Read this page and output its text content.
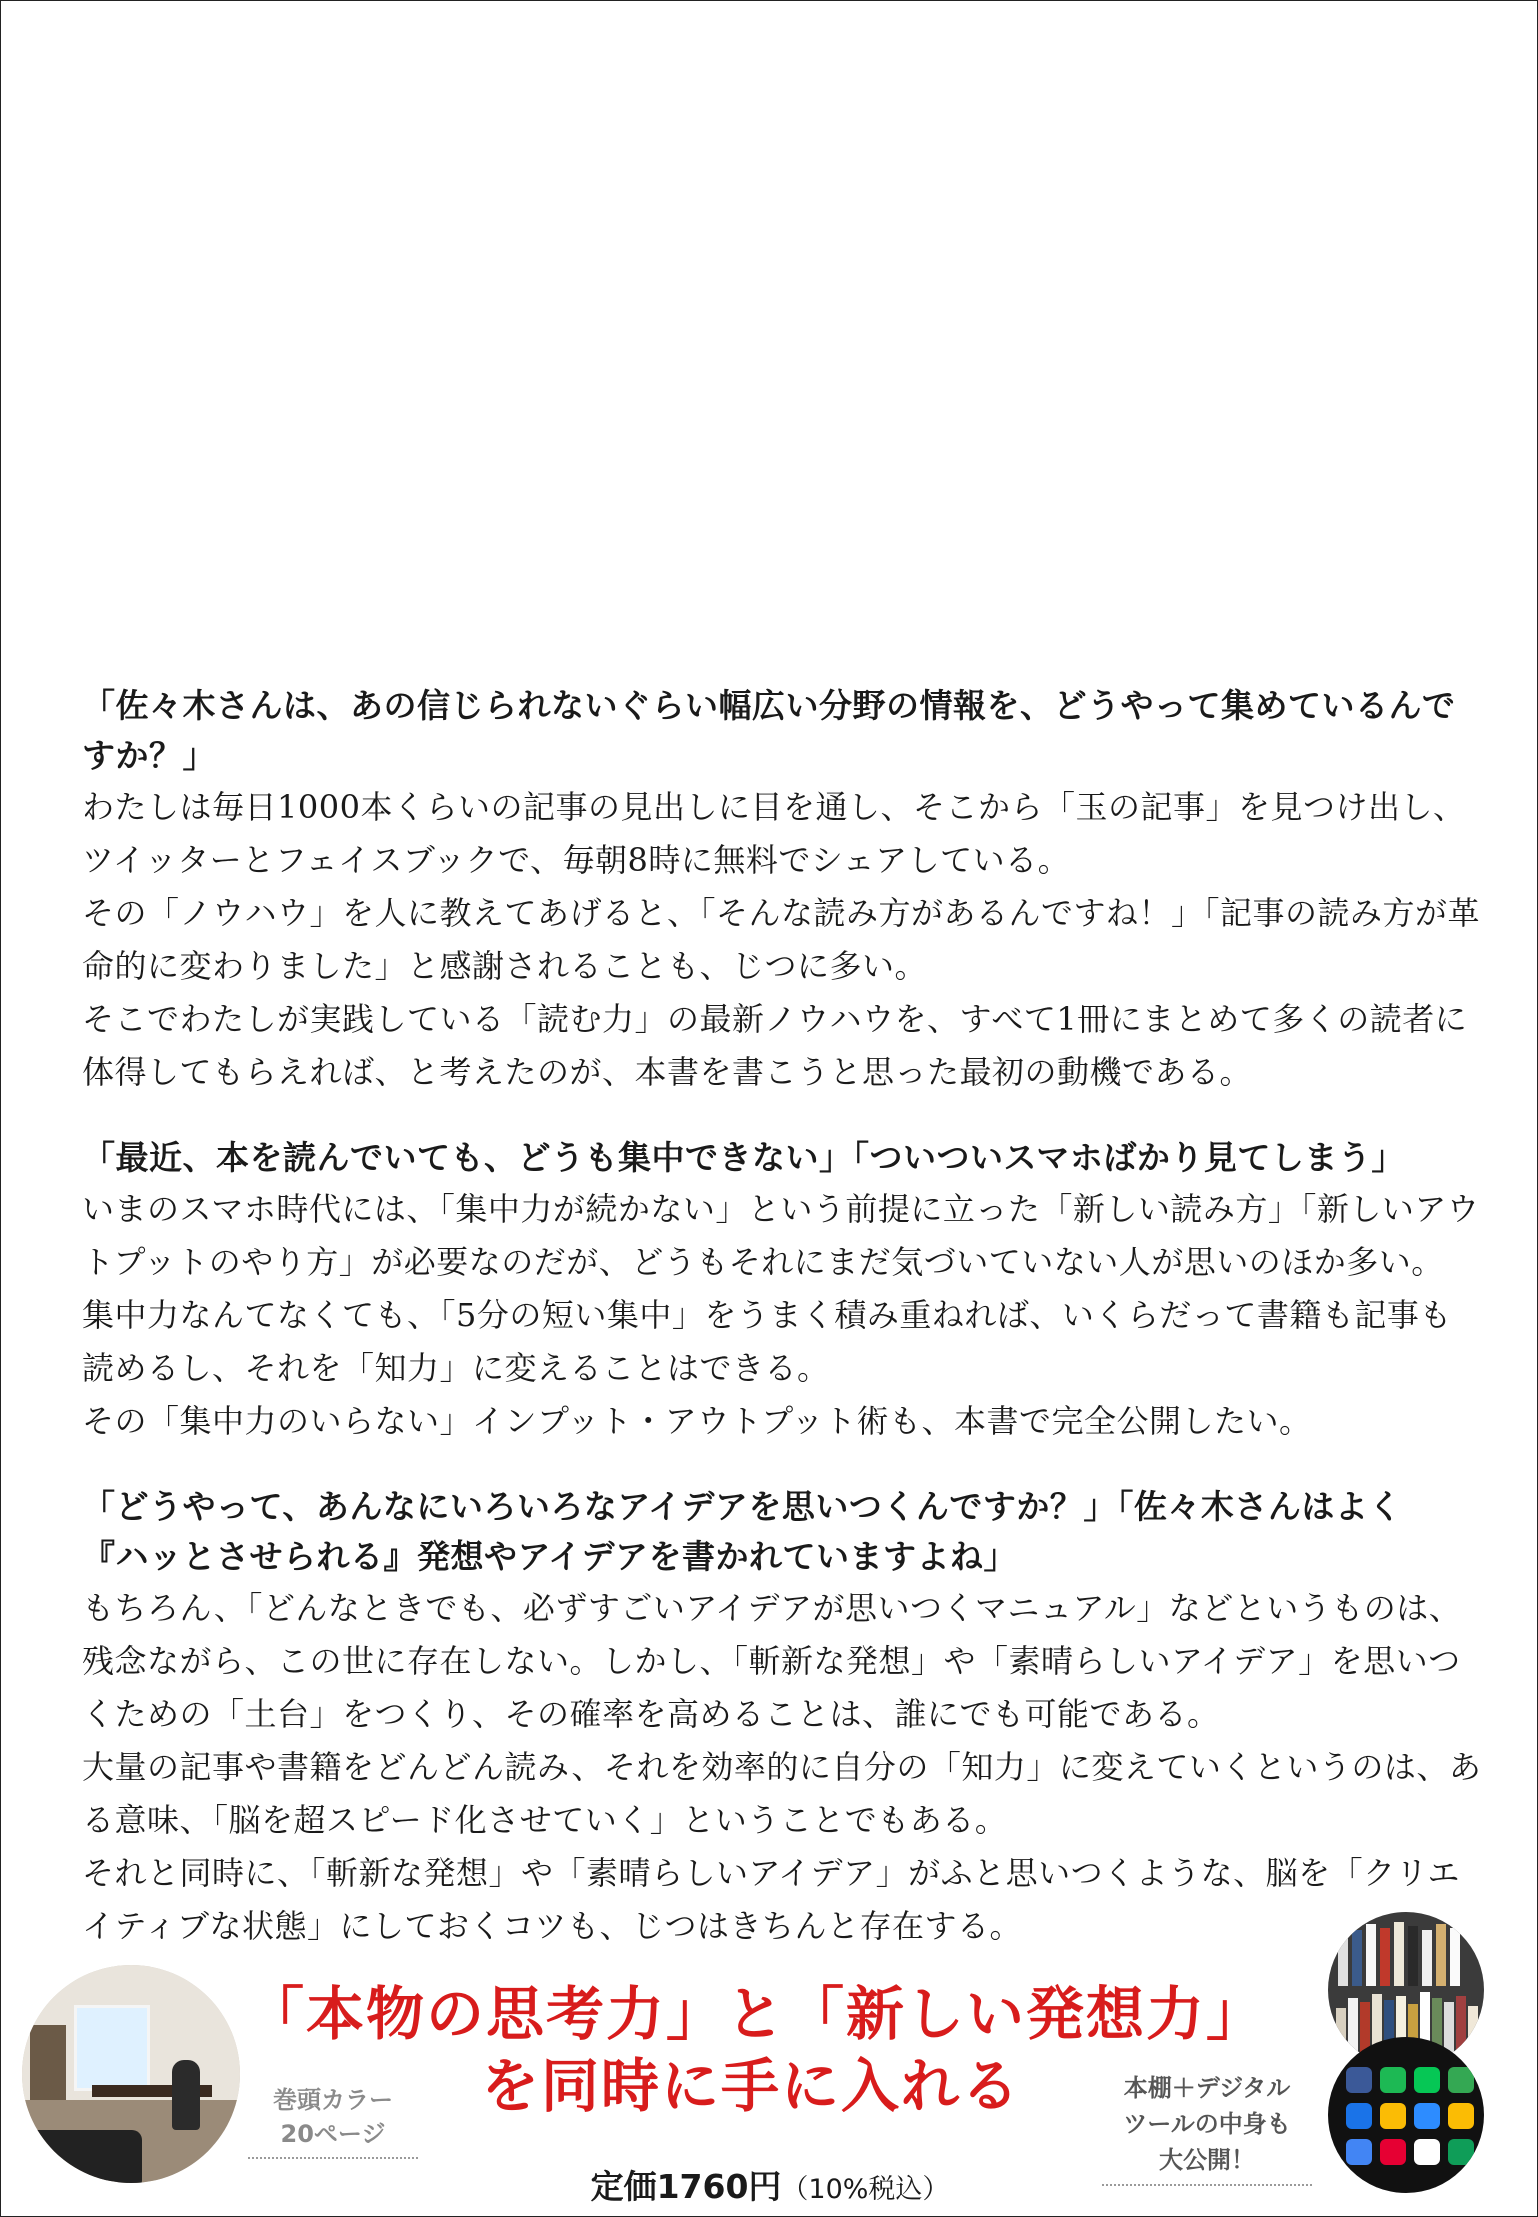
「佐々木さんは、あの信じられないぐらい幅広い分野の情報を、どうやって集めているんですか？」

わたしは毎日1000本くらいの記事の見出しに目を通し、そこから「玉の記事」を見つけ出し、ツイッターとフェイスブックで、毎朝8時に無料でシェアしている。

その「ノウハウ」を人に教えてあげると、「そんな読み方があるんですね！」「記事の読み方が革命的に変わりました」と感謝されることも、じつに多い。

そこでわたしが実践している「読む力」の最新ノウハウを、すべて1冊にまとめて多くの読者に体得してもらえれば、と考えたのが、本書を書こうと思った最初の動機である。

「最近、本を読んでいても、どうも集中できない」「ついついスマホばかり見てしまう」

いまのスマホ時代には、「集中力が続かない」という前提に立った「新しい読み方」「新しいアウトプットのやり方」が必要なのだが、どうもそれにまだ気づいていない人が思いのほか多い。

集中力なんてなくても、「5分の短い集中」をうまく積み重ねれば、いくらだって書籍も記事も読めるし、それを「知力」に変えることはできる。

その「集中力のいらない」インプット・アウトプット術も、本書で完全公開したい。

「どうやって、あんなにいろいろなアイデアを思いつくんですか？」「佐々木さんはよく

『ハッとさせられる』発想やアイデアを書かれていますよね」

もちろん、「どんなときでも、必ずすごいアイデアが思いつくマニュアル」などというものは、残念ながら、この世に存在しない。しかし、「斬新な発想」や「素晴らしいアイデア」を思いつくための「土台」をつくり、その確率を高めることは、誰にでも可能である。

大量の記事や書籍をどんどん読み、それを効率的に自分の「知力」に変えていくというのは、ある意味、「脳を超スピード化させていく」ということでもある。

それと同時に、「斬新な発想」や「素晴らしいアイデア」がふと思いつくような、脳を「クリエイティブな状態」にしておくコツも、じつはきちんと存在する。

巻頭カラー
20ページ
「本物の思考力」と「新しい発想力」
を同時に手に入れる
定価1760円（10%税込）
本棚＋デジタル
ツールの中身も
大公開！
